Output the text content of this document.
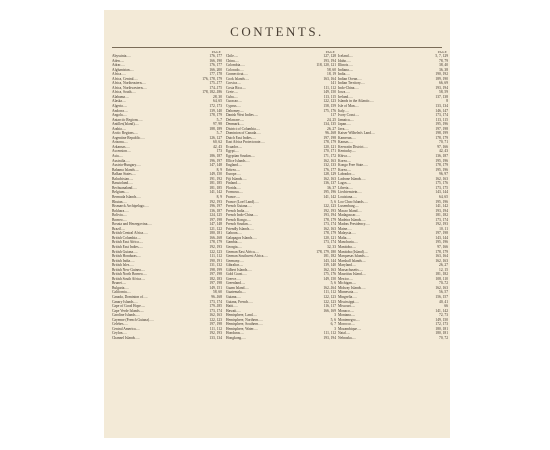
CONTENTS.
PAGE
Abyssinia.....	176, 177
Aden.....	166, 190
Adrar.....	176, 177
Afghanistan.....	166, 200
Africa.....	177, 178
Africa, Central.....	176, 178, 179
Africa, Northeastern.....	175–177
Africa, Northwestern.....	174–175
Africa, South.....	178, 182–186
Alabama.....	28, 30
Alaska.....	64, 65
Algeria.....	172, 173
Andorra.....	139, 140
Angola.....	178, 179
Antarctic Regions.....	5–7
Antilles(Island).....	97, 98
Arabia.....	188, 189
Arctic Regions.....	5–7
Argentine Republic.....	126, 127
Arizona.....	60, 62
Arkansas.....	42, 43
Ascension.....	173
Asia.....	186, 187
Australia.....	196, 197
Austria-Hungary.....	147, 148
Bahama Islands.....	8, 9
Balkan States.....	149, 150
Baluchistan.....	191, 192
Basutoland.....	181, 185
Bechuanaland.....	181, 185
Belgium.....	141, 142
Bermuda Islands.....	8, 9
Bhutan.....	192, 193
Bismarck Archipelago.....	196, 197
Bokhara.....	136, 187
Bolivia.....	124, 125
Borneo.....	197, 198
Bosnia and Herzegovina.....	147, 148
Brazil.....	121, 122
British Central Africa.....	180, 181
British Columbia.....	166–168
British East Africa.....	178, 179
British East Indies.....	192, 193
British Guiana.....	122, 123
British Honduras.....	111, 112
British India.....	190, 191
British Isles.....	131, 132
British New Guinea.....	198, 199
British North Borneo.....	197, 198
British South Africa.....	182, 183
Brunei.....	197, 198
Bulgaria.....	149, 151
California.....	58, 60
Canada, Dominion of.....	96–168
Canary Islands.....	173, 174
Cape of Good Hope.....	179–185
Cape Verde Islands.....	173, 174
Caroline Islands.....	162, 163
Cayenne (French Guiana).....	122, 123
Celebes.....	197, 198
Central America.....	111, 112
Ceylon.....	192, 193
Channel Islands.....	133, 134
PAGE
Chile.....	127, 128
China.....	193, 194
Colombia.....	118, 120, 121
Colorado.....	58, 60
Connecticut.....	18, 19
Cook Islands.....	163, 164
Corsica.....	141
Costa Rica.....	111, 112
Crete.....	149, 150
Cuba.....	113, 115
Curacao.....	122, 123
Cyprus.....	158, 159
Dahomey.....	175, 176
Danish West Indies.....	117
Delaware.....	24, 25
Denmark.....	134, 135
District of Columbia.....	26, 27
Dominion of Canada.....	96–168
Dutch East Indies.....	197, 198
East Africa Protectorate.....	178, 179
Ecuador.....	120, 121
Egypt.....	170, 171
Egyptian Soudan.....	171, 172
Ellice Islands.....	162, 163
England.....	132, 133
Eritrea.....	176, 177
Europe.....	128, 129
Fiji Islands.....	162, 163
Finland.....	136, 137
Florida.....	36, 37
Formosa.....	195, 196
France.....	141, 142
France (Loef Land).....	5, 6
French Guiana.....	122, 123
French India.....	192, 193
French Indo-China.....	193, 194
French Kongo.....	178, 179
French Soudan.....	173, 174
Friendly Islands.....	162, 163
Gaboon.....	178, 179
Galapagos Islands.....	120, 121
Gambia.....	173, 174
Georgia.....	32, 33
German East Africa.....	178, 179, 180
German Southwest Africa.....	181, 182
Germany.....	143, 144
Gibraltar.....	139, 140
Gilbert Islands.....	162, 163
Gold Coast.....	175, 176
Greece.....	149, 150
Greenland.....	5, 6
Guam Island.....	162–164
Guatemala.....	111, 112
Guiana.....	122, 123
Guiana, French.....	122, 123
Haiti.....	116, 117
Hawaii.....	166, 169
Hemisphere, Land.....	3
Hemisphere, Northern.....	5, 6
Hemisphere, Southern.....	6, 7
Hemisphere, Water.....	3
Honduras.....	111, 112
Hongkong.....	193, 194
PAGE
Iceland.....	5, 7, 129
Idaho.....	78, 79
Illinois.....	38, 40
Indiana.....	36, 38
India.....	190, 192
Indian Ocean.....	189, 190
Indian Territory.....	66, 69
Indo-China.....	193, 194
Iowa.....	58, 59
Ireland.....	137, 138
Islands in the Atlantic.....	8
Isle of Man.....	133, 134
Italy.....	146, 147
Ivory Coast.....	173, 174
Jamaica.....	113, 115
Japan.....	195, 196
Java.....	197, 198
Kaiser Wilhelm's Land.....	198, 199
Kamerun.....	178, 179
Kansas.....	70, 71
Keewatin District.....	97, 166
Kentucky.....	42, 43
Khiva.....	136, 187
Korea.....	195, 196
Kongo Free State.....	178, 179
Korea.....	195, 196
Labrador.....	96, 97
Ladrone Islands.....	162, 163
Lagos.....	175, 176
Liberia.....	173, 175
Liechtenstein.....	143, 144
Louisiana.....	64, 65
Loo Choo Islands.....	195, 196
Luxemburg.....	141, 142
Macao Island.....	193, 194
Madagascar.....	181, 182
Madeira Islands.....	173, 174
Madras Presidency.....	192, 193
Maine.....	10, 11
Malaysia.....	197, 198
Malta.....	143, 144
Manchuria.....	195, 196
Manitoba.....	97, 166
Manitoba (Island).....	178, 179
Marquesas Islands.....	163, 164
Marshall Islands.....	162, 163
Maryland.....	26, 27
Massachusetts.....	12, 15
Mauritius Island.....	181, 182
Mexico.....	108, 110
Michigan.....	70–72
Midway Islands.....	162, 163
Minnesota.....	56, 57
Mingrelia.....	156, 157
Mississippi.....	40, 41
Missouri.....	66
Monaco.....	141, 142
Montana.....	72, 73
Montenegro.....	149, 150
Morocco.....	172, 173
Mozambique.....	180, 181
Natal.....	180, 181
Nebraska.....	70, 72
